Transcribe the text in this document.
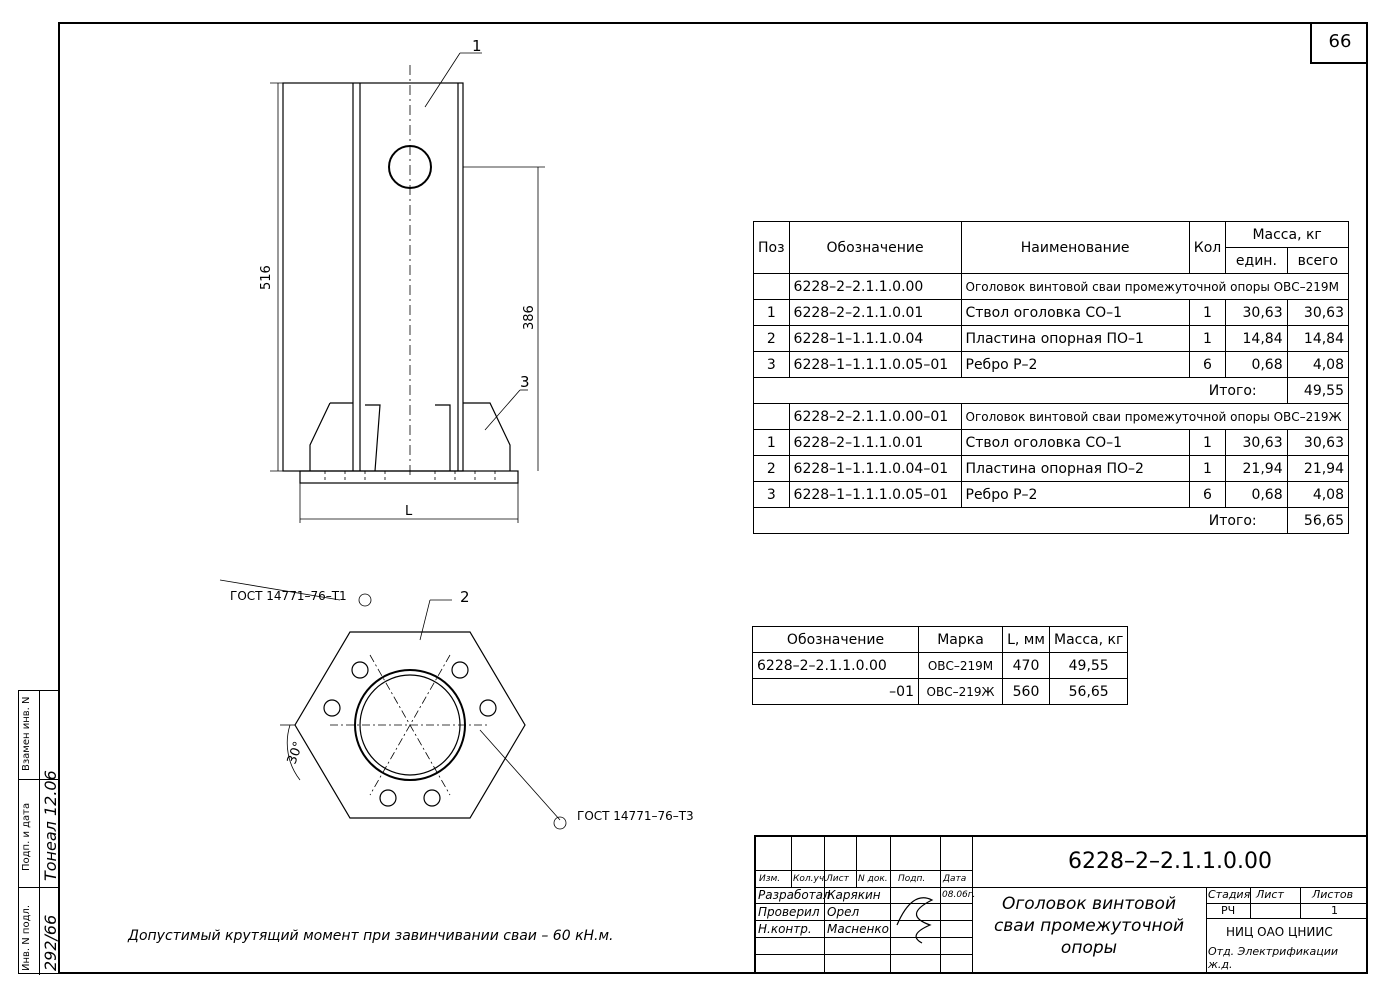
66
1
3
516
386
L
ГОСТ 14771–76–Т1	2
ГОСТ 14771–76–Т3
30°
Поз	Обозначение	Наименование	Кол	Масса, кг	
				един.	всего
	6228–2–2.1.1.0.00	Оголовок винтовой сваи промежуточной опоры ОВС–219М			
1	6228–2–2.1.1.0.01	Ствол оголовка СО–1	1	30,63	30,63
2	6228–1–1.1.1.0.04	Пластина опорная ПО–1	1	14,84	14,84
3	6228–1–1.1.1.0.05–01	Ребро Р–2	6	0,68	4,08
Итого:					49,55
	6228–2–2.1.1.0.00–01	Оголовок винтовой сваи промежуточной опоры ОВС–219Ж			
1	6228–2–1.1.1.0.01	Ствол оголовка СО–1	1	30,63	30,63
2	6228–1–1.1.1.0.04–01	Пластина опорная ПО–2	1	21,94	21,94
3	6228–1–1.1.1.0.05–01	Ребро Р–2	6	0,68	4,08
Итого:					56,65
Обозначение	Марка	L, мм	Масса, кг
6228–2–2.1.1.0.00	ОВС–219М	470	49,55
–01	ОВС–219Ж	560	56,65
Допустимый крутящий момент при завинчивании сваи – 60 кН.м.
Взамен инв. N
Подп. и дата Тонеал 12.06
Инв. N подл. 292/66
Изм. Кол.уч.
Лист N док. Подп. Дата
Разработал
Карякин	08.06г.
Проверил Орел
Н.контр. Масненко
6228–2–2.1.1.0.00
Оголовок винтовой
сваи промежуточной
опоры
Стадия Лист	Листов
РЧ	1
НИЦ ОАО ЦНИИС
Отд. Электрификации ж.д.
